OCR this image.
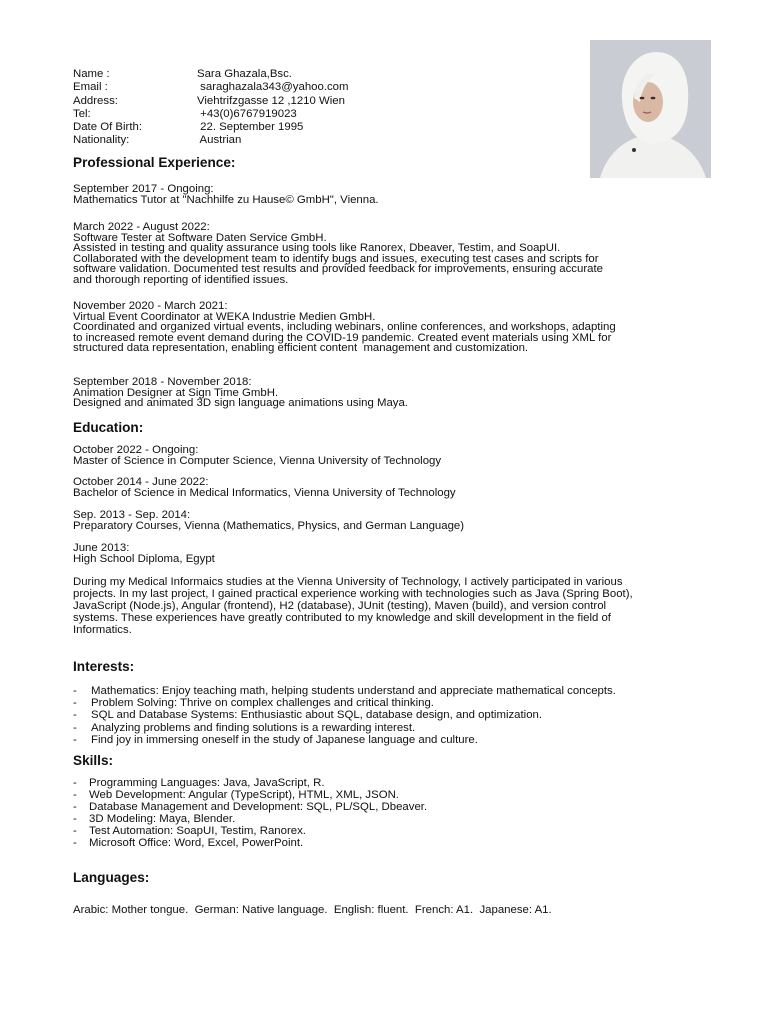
Name :	Sara Ghazala,Bsc.
Email :	saraghazala343@yahoo.com
Address:	Viehtrifzgasse 12 ,1210 Wien
Tel:	+43(0)6767919023
Date Of Birth:	22. September 1995
Nationality:	Austrian
Professional Experience:
September 2017 - Ongoing:
Mathematics Tutor at "Nachhilfe zu Hause© GmbH", Vienna.
March 2022 - August 2022:
Software Tester at Software Daten Service GmbH.
Assisted in testing and quality assurance using tools like Ranorex, Dbeaver, Testim, and SoapUI.
Collaborated with the development team to identify bugs and issues, executing test cases and scripts for
software validation. Documented test results and provided feedback for improvements, ensuring accurate
and thorough reporting of identified issues.
November 2020 - March 2021:
Virtual Event Coordinator at WEKA Industrie Medien GmbH.
Coordinated and organized virtual events, including webinars, online conferences, and workshops, adapting
to increased remote event demand during the COVID-19 pandemic. Created event materials using XML for
structured data representation, enabling efficient content  management and customization.
September 2018 - November 2018:
Animation Designer at Sign Time GmbH.
Designed and animated 3D sign language animations using Maya.
Education:
October 2022 - Ongoing:
Master of Science in Computer Science, Vienna University of Technology
October 2014 - June 2022:
Bachelor of Science in Medical Informatics, Vienna University of Technology
Sep. 2013 - Sep. 2014:
Preparatory Courses, Vienna (Mathematics, Physics, and German Language)
June 2013:
High School Diploma, Egypt
During my Medical Informaics studies at the Vienna University of Technology, I actively participated in various
projects. In my last project, I gained practical experience working with technologies such as Java (Spring Boot),
JavaScript (Node.js), Angular (frontend), H2 (database), JUnit (testing), Maven (build), and version control
systems. These experiences have greatly contributed to my knowledge and skill development in the field of
Informatics.
Interests:
-	Mathematics: Enjoy teaching math, helping students understand and appreciate mathematical concepts.
-	Problem Solving: Thrive on complex challenges and critical thinking.
-	SQL and Database Systems: Enthusiastic about SQL, database design, and optimization.
-	Analyzing problems and finding solutions is a rewarding interest.
-	Find joy in immersing oneself in the study of Japanese language and culture.
Skills:
-	Programming Languages: Java, JavaScript, R.
-	Web Development: Angular (TypeScript), HTML, XML, JSON.
-	Database Management and Development: SQL, PL/SQL, Dbeaver.
-	3D Modeling: Maya, Blender.
-	Test Automation: SoapUI, Testim, Ranorex.
-	Microsoft Office: Word, Excel, PowerPoint.
Languages:
Arabic: Mother tongue.  German: Native language.  English: fluent.  French: A1.  Japanese: A1.
